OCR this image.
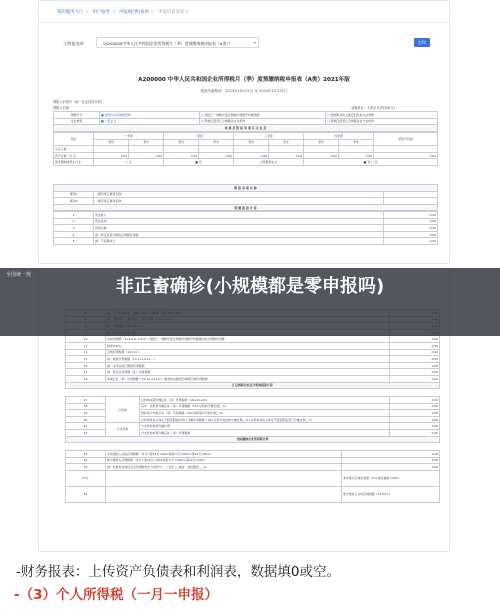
我的服务大厅 > 用户服务 > 申报税(费)查询 > 申报信息表显示
主附报表单	《A200000中华人民共和国企业所得税月（季）度预缴纳税申报表（A类）》	▾	打印
A200000 中华人民共和国企业所得税月（季）度预缴纳税申报表（A类）2021年版
税款所属期间：2024年10月01日 至 2024年12月31日
纳税人识别号（统一社会信用代码）：
纳税人名称：	金额单位：人民币元(列至角分)
预缴方式	■ 按照实际利润额预缴	□ 按照上一纳税年度应纳税所得额平均额预缴	□ 按照税务机关确定的其他方法预缴
企业类型	■ 一般企业	□ 跨地区经营汇总纳税企业总机构	□ 跨地区经营汇总纳税企业分支机构
优 惠 及 附 报 事 项 有 关 信 息			
项目	一季度		二季度		三季度		四季度		季度平均值
	季初	季末	季初	季末	季初	季末	季初	季末	
从业人数									
资产总额（万元）	0.00	0.00	0.00	0.00	0.00	0.00	0.00	0.00	0.00
国家限制或禁止行业	□ 是		■ 否		小型微利企业		■ 是 □ 否		
附 报 事 项 名 称		
事项1	（填写特定事项名称）	
事项2	（填写特定事项名称）	
预 缴 税 款 计 算		
1	营业收入	0.00
2	营业成本	0.00
3	利润总额	0.00
4	加：特定业务计算的应纳税所得额	0.00
5	减：不征税收入	0.00

10	实际利润额（3+4-5-6-7-8-9）\ 按照上一纳税年度应纳税所得额平均额确定的应纳税所得额	0.00
11	税率(25%)	0.25
12	应纳所得税额（10×11）	0.00
13	减：减免所得税额（13.1+13.2+…）	0.00
14	减：本年实际已缴纳所得税额	0.00
15	减：特定业务预缴（征）所得税额	0.00
16	本期应补（退）所得税额（12-13-14-15）\ 税务机关确定的本期应纳所得税额	0.00
汇总纳税企业总分机构税款计算		
17	总机构	总机构本期分摊应补（退）所得税额（18+19+20）	0.00
18		其中：总机构分摊应补（退）所得税额（16×总机构分摊比例__%）	0.00
19		财政集中分配应补（退）所得税额（16×财政集中分配比例__%）	0.00
20		总机构具有主体生产经营职能的部门分摊所得税额（16×全部分支机构分摊比例__%×总机构具有主体生产经营职能部门分摊比例__%）	0.00
21	分支机构	分支机构本期分摊比例	0.00
22		分支机构本期分摊应补（退）所得税额	0.00
实际缴纳企业所得税计算			
23	中央级收入实际应纳税额（本行=第16行×60%或第17行×60%+第22行×60%）	0.00
24	地方级收入应纳税额（本行=第16行×40%或第17行×40%+第22行×40%）	0.00
25	减：民族自治地区企业所得税地方分享部分：□ 免征 □ 减征：减征幅度___%	0.00
23.1		本年累计应减免金额（23×减征幅度×40%）
24		地方级收入实际应纳税额（24-23.1）
全国统一规
非正畜确诊(小规模都是零申报吗)
-财务报表：上传资产负债表和利润表，数据填0或空。
-（3）个人所得税（一月一申报）
